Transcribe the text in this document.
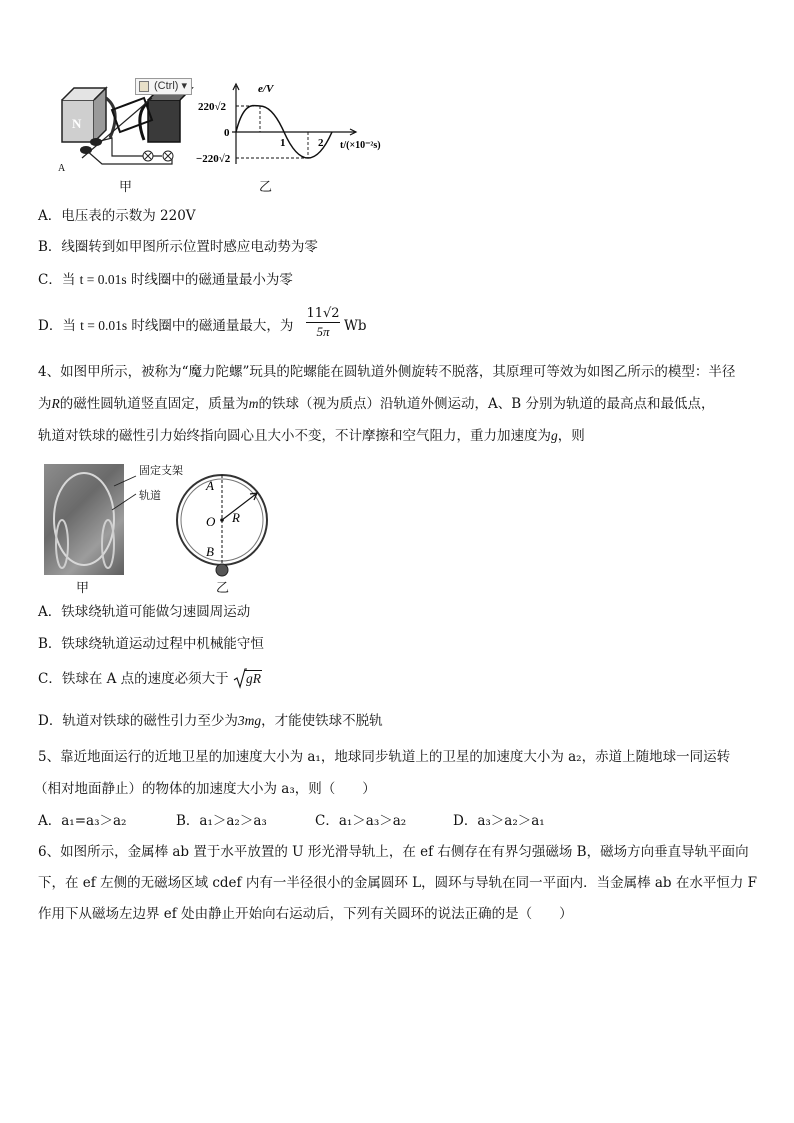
N
A
(Ctrl) ▾	e/V
220√2
0
−220√2
1	2 t/(×10⁻²s)
甲	乙
A．电压表的示数为 220V
B．线圈转到如甲图所示位置时感应电动势为零
C．当 t = 0.01s 时线圈中的磁通量最小为零
D．当 t = 0.01s 时线圈中的磁通量最大，为 $\frac{11√2}{5\pi}$ Wb
4、如图甲所示，被称为“魔力陀螺”玩具的陀螺能在圆轨道外侧旋转不脱落，其原理可等效为如图乙所示的模型：半径
为R的磁性圆轨道竖直固定，质量为m的铁球（视为质点）沿轨道外侧运动，A、B 分别为轨道的最高点和最低点，
轨道对铁球的磁性引力始终指向圆心且大小不变，不计摩擦和空气阻力，重力加速度为g，则
固定支架
轨道
A
O R
B
甲	乙
A．铁球绕轨道可能做匀速圆周运动
B．铁球绕轨道运动过程中机械能守恒
C．铁球在 A 点的速度必须大于 gR
D．轨道对铁球的磁性引力至少为3mg，才能使铁球不脱轨
5、靠近地面运行的近地卫星的加速度大小为 a₁，地球同步轨道上的卫星的加速度大小为 a₂，赤道上随地球一同运转
（相对地面静止）的物体的加速度大小为 a₃，则（　　）
A．a₁=a₃＞a₂	B．a₁＞a₂＞a₃	C．a₁＞a₃＞a₂	D．a₃＞a₂＞a₁
6、如图所示，金属棒 ab 置于水平放置的 U 形光滑导轨上，在 ef 右侧存在有界匀强磁场 B，磁场方向垂直导轨平面向
下，在 ef 左侧的无磁场区域 cdef 内有一半径很小的金属圆环 L，圆环与导轨在同一平面内．当金属棒 ab 在水平恒力 F
作用下从磁场左边界 ef 处由静止开始向右运动后，下列有关圆环的说法正确的是（　　）
